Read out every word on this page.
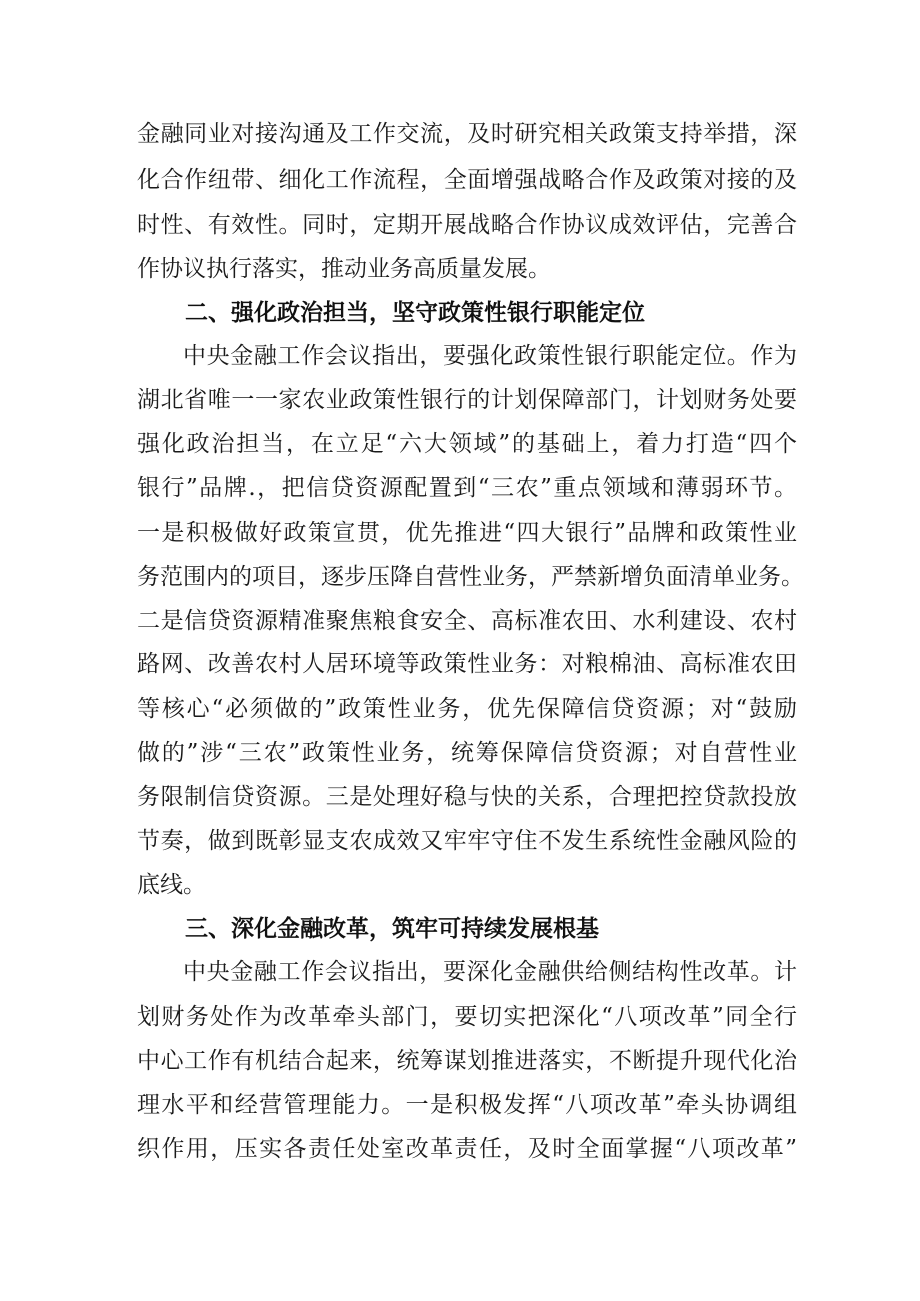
金融同业对接沟通及工作交流，及时研究相关政策支持举措，深
化合作纽带、细化工作流程，全面增强战略合作及政策对接的及
时性、有效性。同时，定期开展战略合作协议成效评估，完善合
作协议执行落实，推动业务高质量发展。
二、强化政治担当，坚守政策性银行职能定位
中央金融工作会议指出，要强化政策性银行职能定位。作为
湖北省唯一一家农业政策性银行的计划保障部门，计划财务处要
强化政治担当，在立足“六大领域”的基础上，着力打造“四个
银行”品牌.，把信贷资源配置到“三农”重点领域和薄弱环节。
一是积极做好政策宣贯，优先推进“四大银行”品牌和政策性业
务范围内的项目，逐步压降自营性业务，严禁新增负面清单业务。
二是信贷资源精准聚焦粮食安全、高标准农田、水利建设、农村
路网、改善农村人居环境等政策性业务：对粮棉油、高标准农田
等核心“必须做的”政策性业务，优先保障信贷资源；对“鼓励
做的”涉“三农”政策性业务，统筹保障信贷资源；对自营性业
务限制信贷资源。三是处理好稳与快的关系，合理把控贷款投放
节奏，做到既彰显支农成效又牢牢守住不发生系统性金融风险的
底线。
三、深化金融改革，筑牢可持续发展根基
中央金融工作会议指出，要深化金融供给侧结构性改革。计
划财务处作为改革牵头部门，要切实把深化“八项改革”同全行
中心工作有机结合起来，统筹谋划推进落实，不断提升现代化治
理水平和经营管理能力。一是积极发挥“八项改革”牵头协调组
织作用，压实各责任处室改革责任，及时全面掌握“八项改革”
